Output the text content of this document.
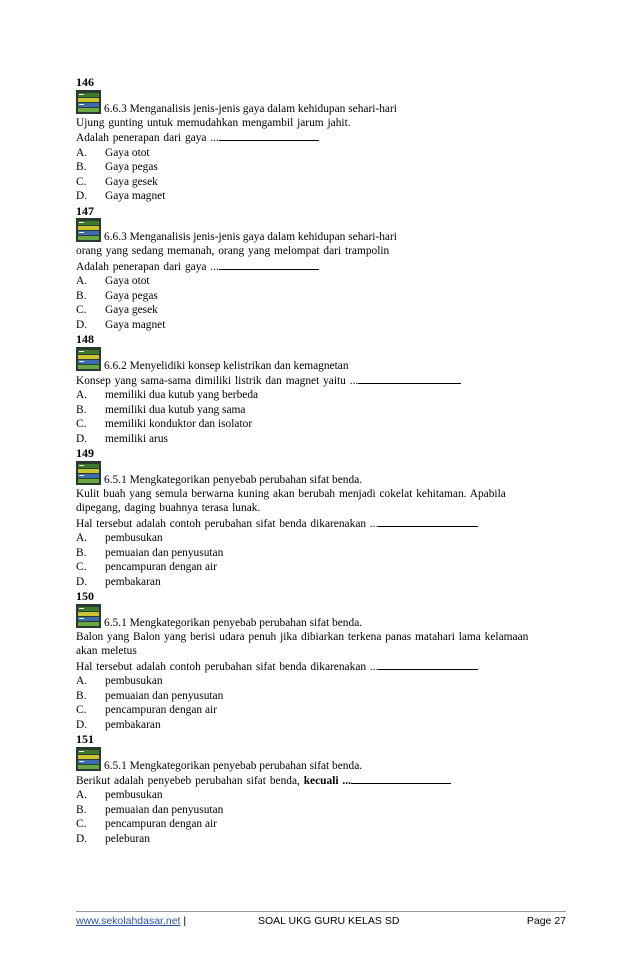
146
6.6.3 Menganalisis jenis-jenis gaya dalam kehidupan sehari-hari
Ujung gunting untuk memudahkan mengambil jarum jahit.
Adalah penerapan dari gaya ...
A.	Gaya otot
B.	Gaya pegas
C.	Gaya gesek
D.	Gaya magnet
147
6.6.3 Menganalisis jenis-jenis gaya dalam kehidupan sehari-hari
orang yang sedang memanah, orang yang melompat dari trampolin
Adalah penerapan dari gaya ...
A.	Gaya otot
B.	Gaya pegas
C.	Gaya gesek
D.	Gaya magnet
148
6.6.2 Menyelidiki konsep kelistrikan dan kemagnetan
Konsep yang sama-sama dimiliki listrik dan magnet yaitu ...
A.	memiliki dua kutub yang berbeda
B.	memiliki dua kutub yang sama
C.	memiliki konduktor dan isolator
D.	memiliki arus
149
6.5.1 Mengkategorikan penyebab perubahan sifat benda.
Kulit buah yang semula berwarna kuning akan berubah menjadi cokelat kehitaman. Apabila
dipegang, daging buahnya terasa lunak.
Hal tersebut adalah contoh perubahan sifat benda dikarenakan ...
A.	pembusukan
B.	pemuaian dan penyusutan
C.	pencampuran dengan air
D.	pembakaran
150
6.5.1 Mengkategorikan penyebab perubahan sifat benda.
Balon yang Balon yang berisi udara penuh jika dibiarkan terkena panas matahari lama kelamaan
akan meletus
Hal tersebut adalah contoh perubahan sifat benda dikarenakan ...
A.	pembusukan
B.	pemuaian dan penyusutan
C.	pencampuran dengan air
D.	pembakaran
151
6.5.1 Mengkategorikan penyebab perubahan sifat benda.
Berikut adalah penyebeb perubahan sifat benda, kecuali ...
A.	pembusukan
B.	pemuaian dan penyusutan
C.	pencampuran dengan air
D.	peleburan
www.sekolahdasar.net |	SOAL UKG GURU KELAS SD	Page 27
